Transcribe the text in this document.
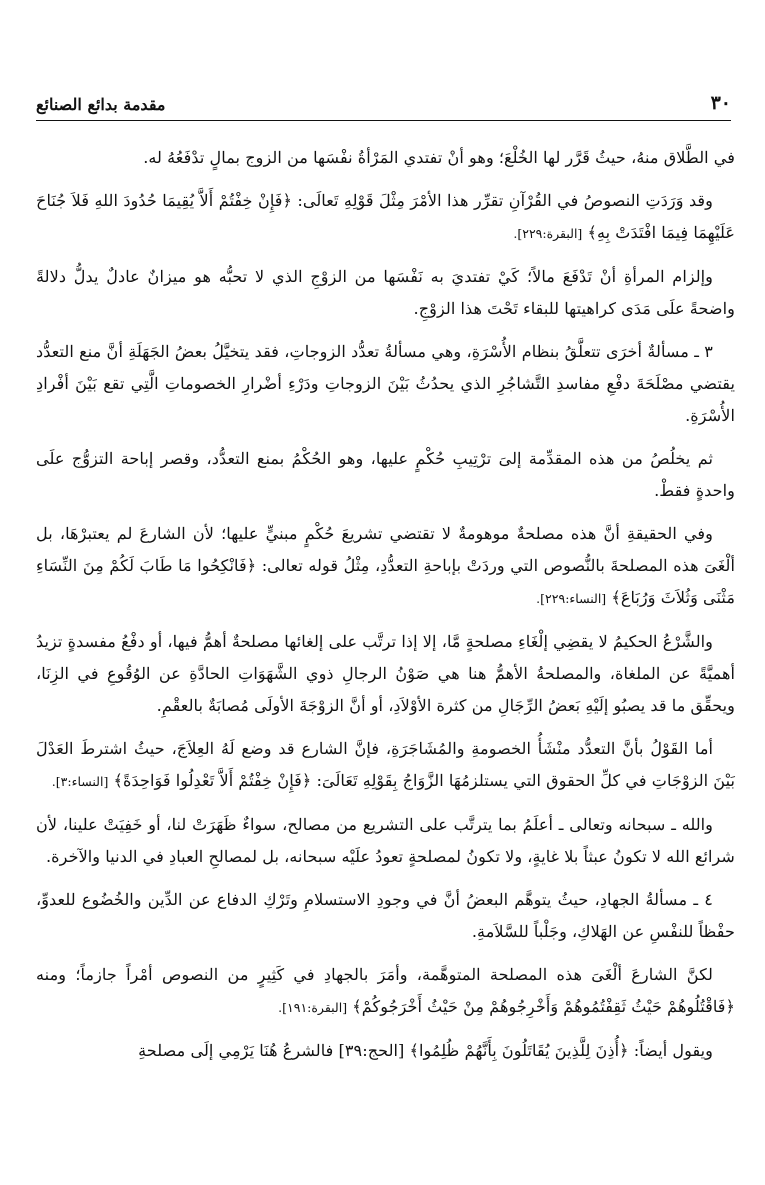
٣٠
مقدمة بدائع الصنائع

في الطَّلاق منهُ، حيثُ قَرَّر لها الخُلْعَ؛ وهو أنْ تفتدي المَرْأةُ نفْسَها من الزوج بمالٍ تدْفَعُهُ له.

وقد وَرَدَتِ النصوصُ في القُرْآنِ تقرِّر هذا الأمْرَ مِثْلَ قَوْلِهِ تَعالَى: ﴿فَإِنْ خِفْتُمْ أَلاَّ يُقِيمَا حُدُودَ اللهِ فَلاَ جُنَاحَ عَلَيْهِمَا فِيمَا افْتَدَتْ بِهِ﴾ [البقرة:٢٢٩].

وإلزام المرأةِ أنْ تَدْفَعَ مالاً؛ كَيْ تفتديَ به نَفْسَها من الزوْجِ الذي لا تحبُّه هو ميزانٌ عادلٌ يدلُّ دلالةً واضحةً علَى مَدَى كراهيتها للبقاء تَحْتَ هذا الزوْجِ.

٣ ـ مسألةٌ أخرَى تتعلَّقُ بنظام الأُسْرَةِ، وهي مسألةُ تعدُّد الزوجاتِ، فقد يتخيَّلُ بعضُ الجَهَلَةِ أنَّ منع التعدُّد يقتضي مصْلَحَةَ دفْعِ مفاسدِ التَّشاجُرِ الذي يحدُثُ بَيْنَ الزوجاتِ ودَرْءِ أضْرارِ الخصوماتِ الَّتِي تقع بَيْنَ أفْرادِ الأُسْرَةِ.

ثم يخلُصُ من هذه المقدِّمة إلىَ ترْتِيبِ حُكْمٍ عليها، وهو الحُكْمُ بمنع التعدُّد، وقصر إباحة التزوُّج علَى واحدةٍ فقطْ.

وفي الحقيقةِ أنَّ هذه مصلحةٌ موهومةٌ لا تقتضي تشريعَ حُكْمٍ مبنيٍّ عليها؛ لأن الشارعَ لم يعتبرْهَا، بل ألْغَىَ هذه المصلحةَ بالنُّصوص التي وردَتْ بإباحةِ التعدُّدِ، مِثْلُ قوله تعالى: ﴿فَانْكِحُوا مَا طَابَ لَكُمْ مِنَ النِّسَاءِ مَثْنَى وَثُلاَثَ وَرُبَاعَ﴾ [النساء:٢٢٩].

والشَّرْعُ الحكيمُ لا يقضِي إلْغَاءِ مصلحةٍ مَّا، إلا إذا ترتَّب على إلغائها مصلحةٌ أهمُّ فيها، أو دفْعُ مفسدةٍ تزيدُ أهميَّةً عن الملغاة، والمصلحةُ الأهمُّ هنا هي صَوْنُ الرجالِ ذوي الشَّهَوَاتِ الحادَّةِ عن الوُقُوعِ في الزِنَا، ويحقِّق ما قد يصبُو إلَيْهِ بَعضُ الرِّجَالِ من كثرة الأوْلاَدِ، أو أنَّ الزوْجَةَ الأولَى مُصابَةٌ بالعقْمِ.

أما القَوْلُ بأنَّ التعدُّد منْشَأُ الخصومةِ والمُشَاجَرَةِ، فإنَّ الشارع قد وضع لَهُ العِلاَجَ، حيثُ اشترطَ العَدْلَ بَيْنَ الزوْجَاتِ في كلِّ الحقوق التي يستلزمُهَا الزَّوَاجُ بِقَوْلِهِ تَعَالَىَ: ﴿فَإِنْ خِفْتُمْ أَلاَّ تَعْدِلُوا فَوَاحِدَةً﴾ [النساء:٣].

والله ـ سبحانه وتعالى ـ أعلَمُ بما يترتَّب على التشريع من مصالح، سواءٌ ظَهَرَتْ لنا، أو خَفِيَتْ علينا، لأن شرائع الله لا تكونُ عبثاً بلا غايةٍ، ولا تكونُ لمصلحةٍ تعودُ علَيْه سبحانه، بل لمصالحِ العبادِ في الدنيا والآخرة.

٤ ـ مسألةُ الجهادِ، حيثُ يتوهَّم البعضُ أنَّ في وجودِ الاستسلامِ وتَرْكِ الدفاع عن الدِّين والخُضُوع للعدوِّ، حفْظاً للنفْسِ عن الهَلاكِ، وجَلْباً للسَّلاَمةِ.

لكنَّ الشارعَ ألْغَىَ هذه المصلحة المتوهَّمة، وأمَرَ بالجهادِ في كَثِيرٍ من النصوص أمْراً جازماً؛ ومنه ﴿فَاقْتُلُوهُمْ حَيْثُ ثَقِفْتُمُوهُمْ وَأَخْرِجُوهُمْ مِنْ حَيْثُ أَخْرَجُوكُمْ﴾ [البقرة:١٩١].

ويقول أيضاً: ﴿أُذِنَ لِلَّذِينَ يُقَاتَلُونَ بِأَنَّهُمْ ظُلِمُوا﴾ [الحج:٣٩] فالشرعُ هُنَا يَرْمِي إلَى مصلحةِ
